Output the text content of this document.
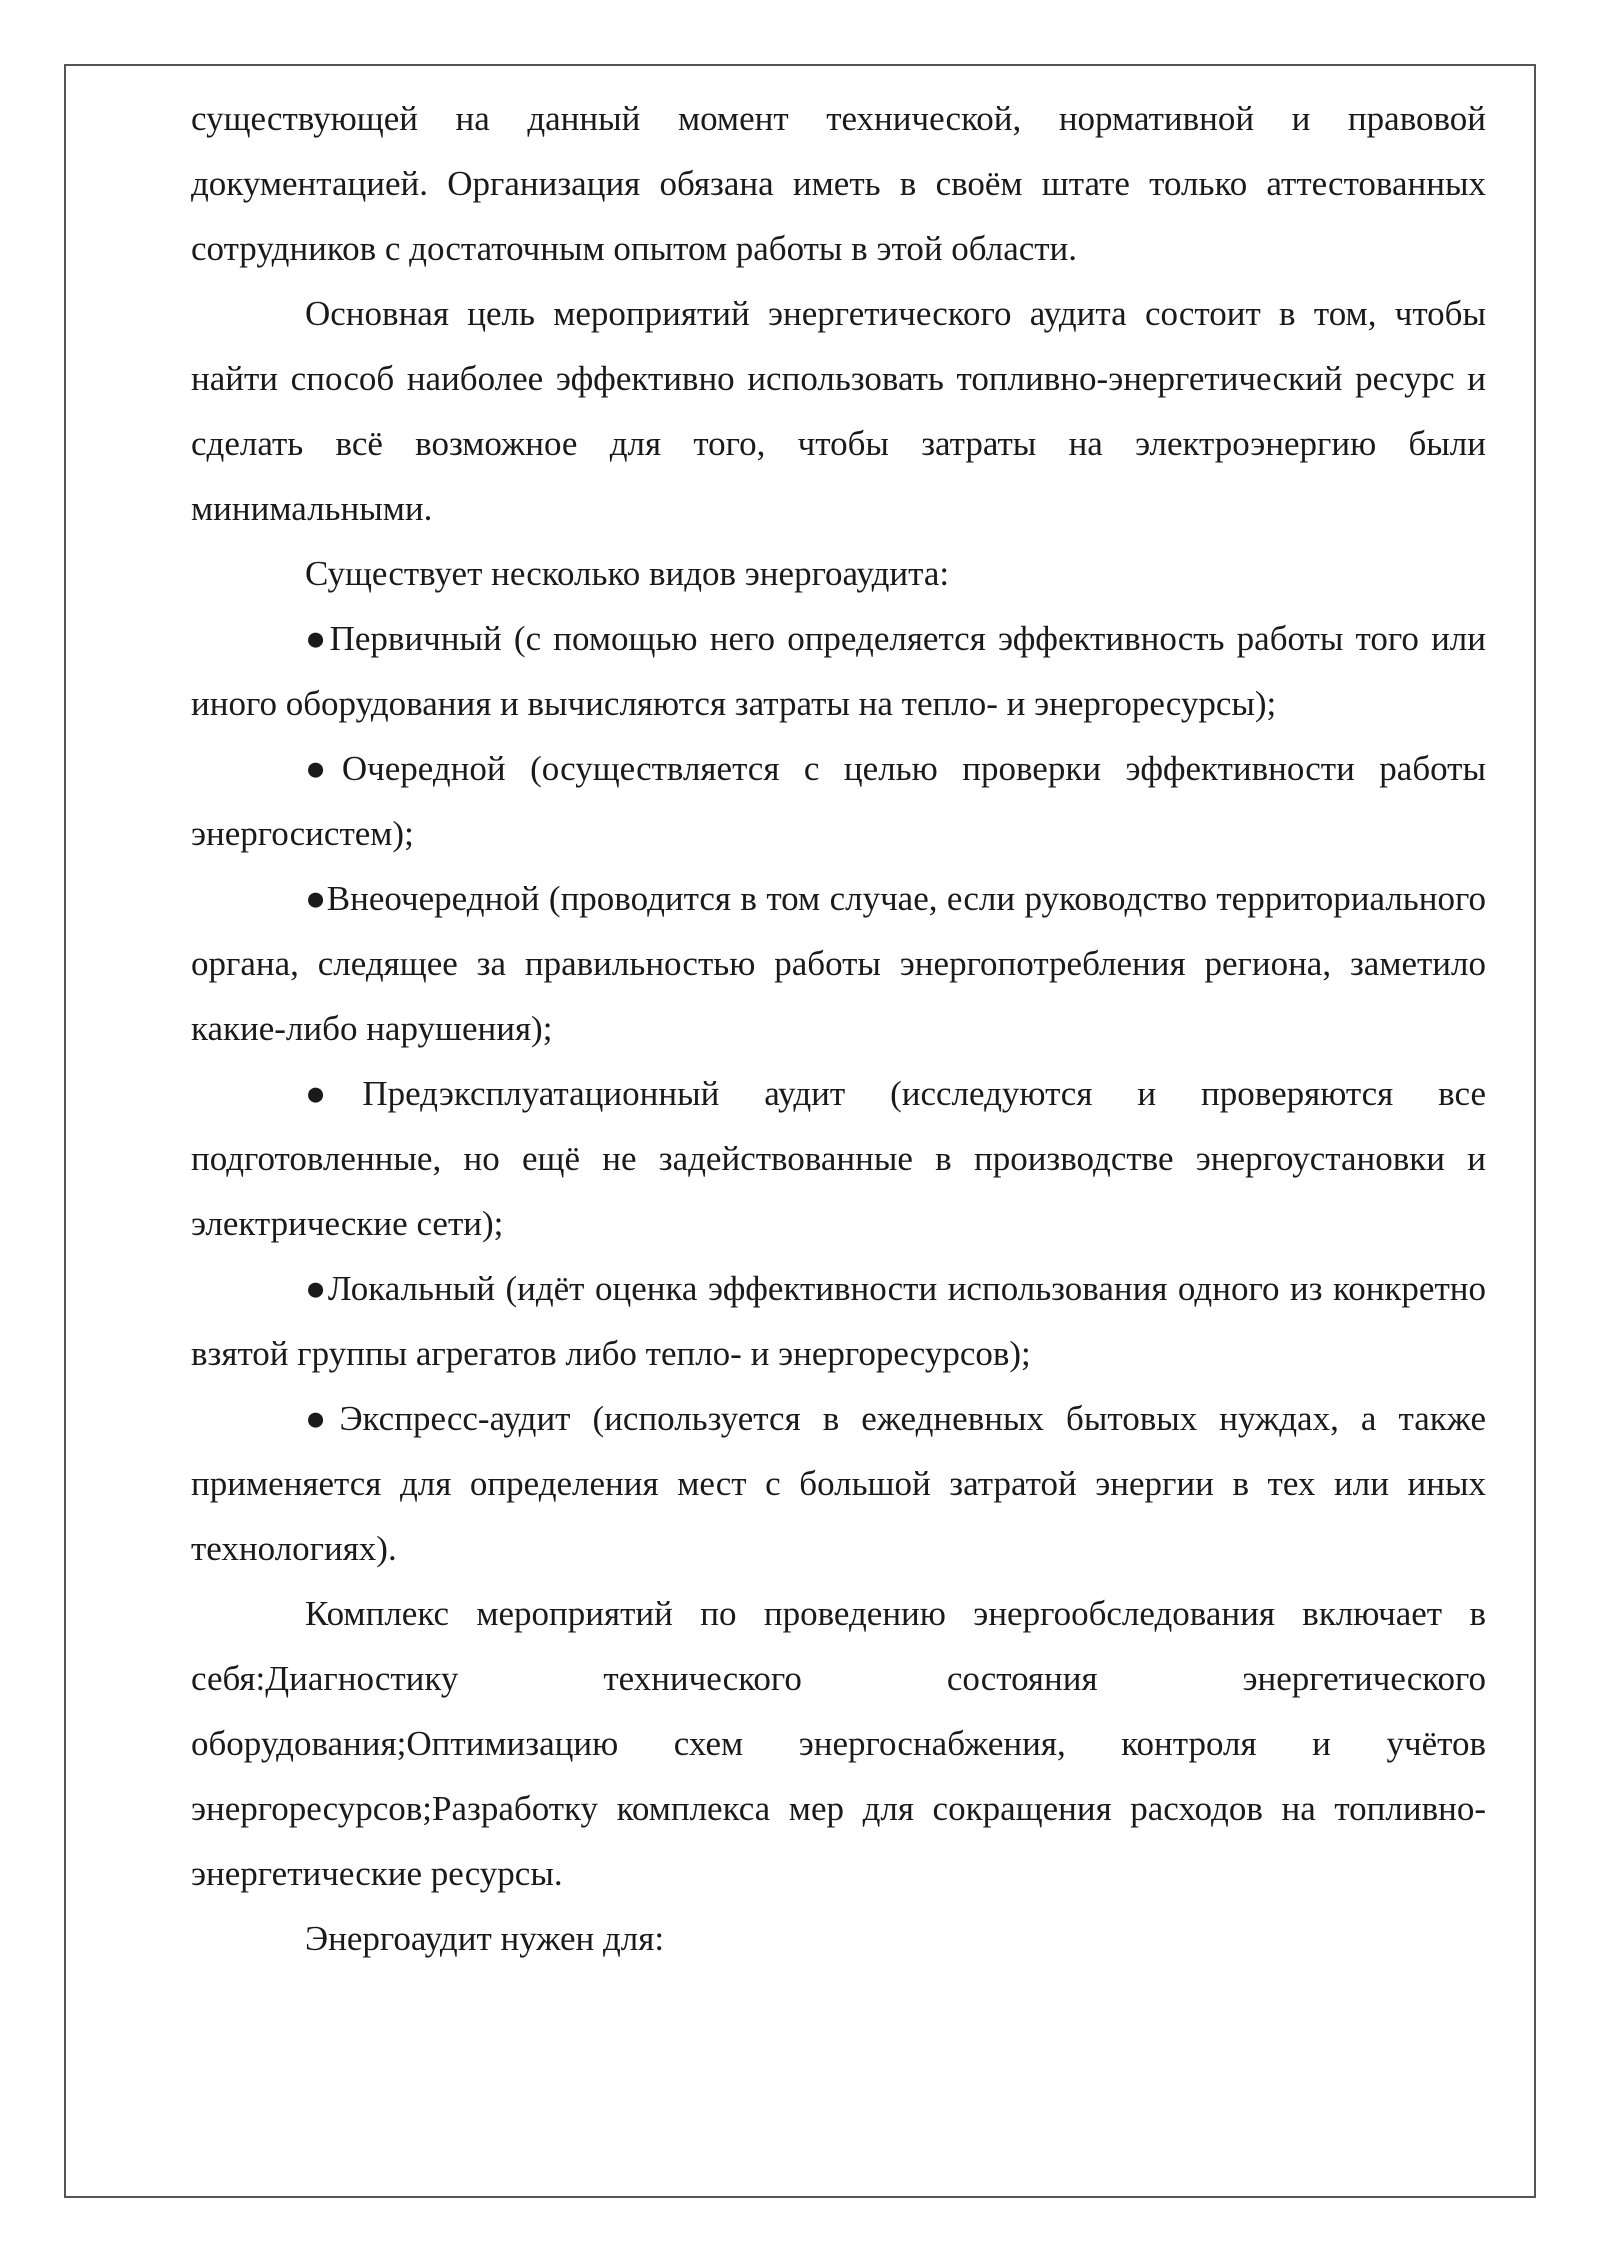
существующей на данный момент технической, нормативной и правовой документацией. Организация обязана иметь в своём штате только аттестованных сотрудников с достаточным опытом работы в этой области.

Основная цель мероприятий энергетического аудита состоит в том, чтобы найти способ наиболее эффективно использовать топливно-энергетический ресурс и сделать всё возможное для того, чтобы затраты на электроэнергию были минимальными.

Существует несколько видов энергоаудита:

●Первичный (с помощью него определяется эффективность работы того или иного оборудования и вычисляются затраты на тепло- и энергоресурсы);

●Очередной (осуществляется с целью проверки эффективности работы энергосистем);

●Внеочередной (проводится в том случае, если руководство территориального органа, следящее за правильностью работы энергопотребления региона, заметило какие-либо нарушения);

●Предэксплуатационный аудит (исследуются и проверяются все подготовленные, но ещё не задействованные в производстве энергоустановки и электрические сети);

●Локальный (идёт оценка эффективности использования одного из конкретно взятой группы агрегатов либо тепло- и энергоресурсов);

●Экспресс-аудит (используется в ежедневных бытовых нуждах, а также применяется для определения мест с большой затратой энергии в тех или иных технологиях).

Комплекс мероприятий по проведению энергообследования включает в себя:Диагностику технического состояния энергетического оборудования;Оптимизацию схем энергоснабжения, контроля и учётов энергоресурсов;Разработку комплекса мер для сокращения расходов на топливно-энергетические ресурсы.

Энергоаудит нужен для:
